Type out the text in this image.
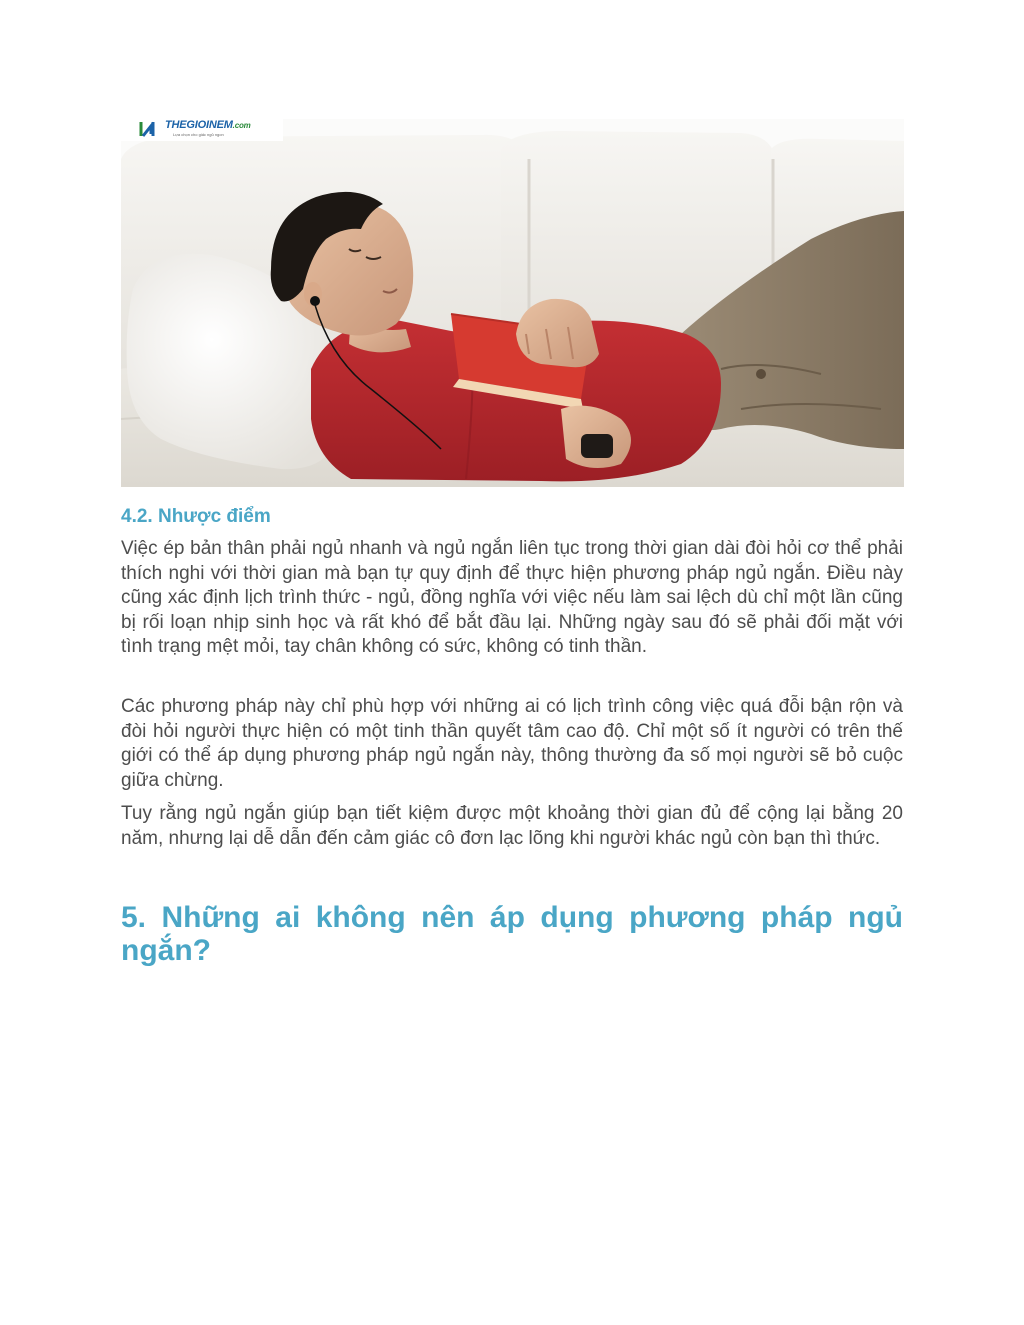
THEGIOINEM.com
Lựa chọn cho giấc ngủ ngon
4.2. Nhược điểm

Việc ép bản thân phải ngủ nhanh và ngủ ngắn liên tục trong thời gian dài đòi hỏi cơ thể phải thích nghi với thời gian mà bạn tự quy định để thực hiện phương pháp ngủ ngắn. Điều này cũng xác định lịch trình thức - ngủ, đồng nghĩa với việc nếu làm sai lệch dù chỉ một lần cũng bị rối loạn nhịp sinh học và rất khó để bắt đầu lại. Những ngày sau đó sẽ phải đối mặt với tình trạng mệt mỏi, tay chân không có sức, không có tinh thần.

Các phương pháp này chỉ phù hợp với những ai có lịch trình công việc quá đỗi bận rộn và đòi hỏi người thực hiện có một tinh thần quyết tâm cao độ. Chỉ một số ít người có trên thế giới có thể áp dụng phương pháp ngủ ngắn này, thông thường đa số mọi người sẽ bỏ cuộc giữa chừng.

Tuy rằng ngủ ngắn giúp bạn tiết kiệm được một khoảng thời gian đủ để cộng lại bằng 20 năm, nhưng lại dễ dẫn đến cảm giác cô đơn lạc lõng khi người khác ngủ còn bạn thì thức.

5. Những ai không nên áp dụng phương pháp ngủ ngắn?
